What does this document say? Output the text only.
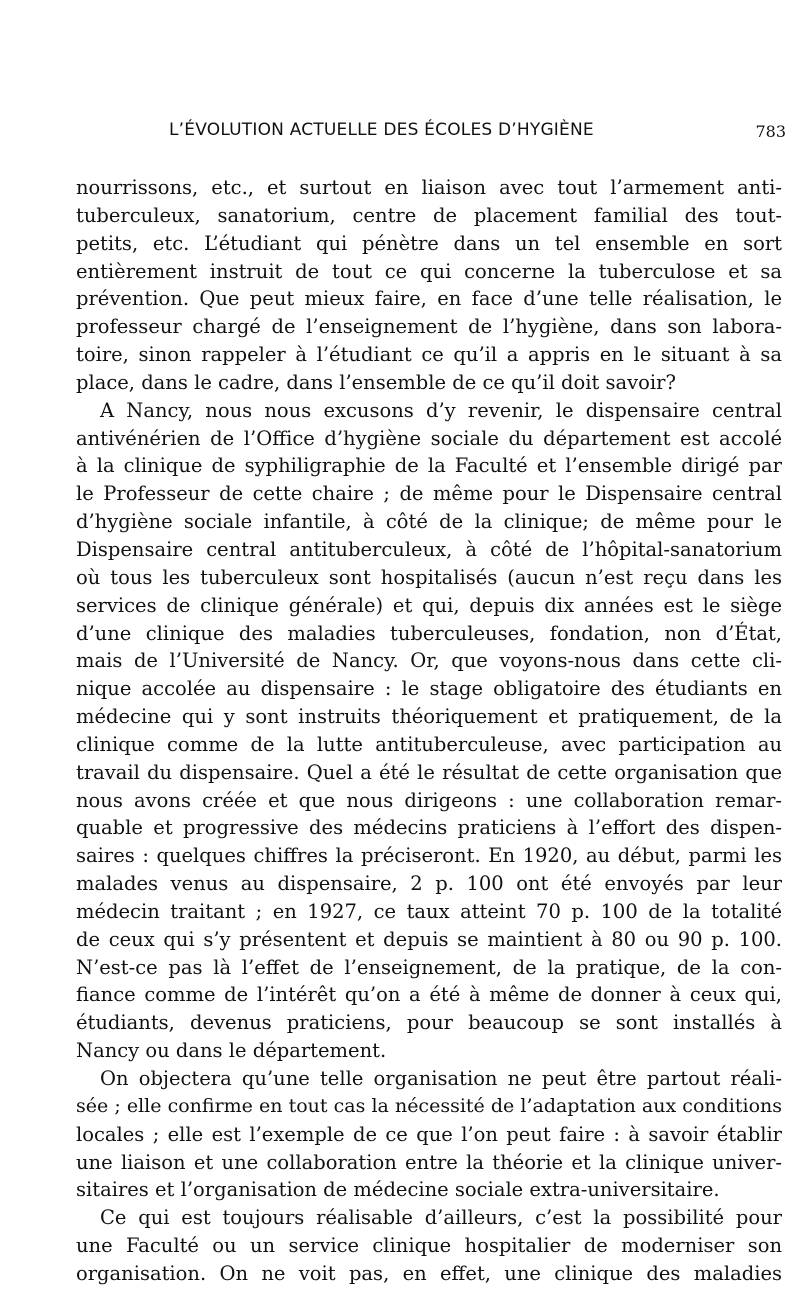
L’ÉVOLUTION ACTUELLE DES ÉCOLES D’HYGIÈNE	783
nourrissons, etc., et surtout en liaison avec tout l’armement anti-
tuberculeux, sanatorium, centre de placement familial des tout-
petits, etc. L’étudiant qui pénètre dans un tel ensemble en sort
entièrement instruit de tout ce qui concerne la tuberculose et sa
prévention. Que peut mieux faire, en face d’une telle réalisation, le
professeur chargé de l’enseignement de l’hygiène, dans son labora-
toire, sinon rappeler à l’étudiant ce qu’il a appris en le situant à sa
place, dans le cadre, dans l’ensemble de ce qu’il doit savoir?
A Nancy, nous nous excusons d’y revenir, le dispensaire central
antivénérien de l’Office d’hygiène sociale du département est accolé
à la clinique de syphiligraphie de la Faculté et l’ensemble dirigé par
le Professeur de cette chaire ; de même pour le Dispensaire central
d’hygiène sociale infantile, à côté de la clinique; de même pour le
Dispensaire central antituberculeux, à côté de l’hôpital-sanatorium
où tous les tuberculeux sont hospitalisés (aucun n’est reçu dans les
services de clinique générale) et qui, depuis dix années est le siège
d’une clinique des maladies tuberculeuses, fondation, non d’État,
mais de l’Université de Nancy. Or, que voyons-nous dans cette cli-
nique accolée au dispensaire : le stage obligatoire des étudiants en
médecine qui y sont instruits théoriquement et pratiquement, de la
clinique comme de la lutte antituberculeuse, avec participation au
travail du dispensaire. Quel a été le résultat de cette organisation que
nous avons créée et que nous dirigeons : une collaboration remar-
quable et progressive des médecins praticiens à l’effort des dispen-
saires : quelques chiffres la préciseront. En 1920, au début, parmi les
malades venus au dispensaire, 2 p. 100 ont été envoyés par leur
médecin traitant ; en 1927, ce taux atteint 70 p. 100 de la totalité
de ceux qui s’y présentent et depuis se maintient à 80 ou 90 p. 100.
N’est-ce pas là l’effet de l’enseignement, de la pratique, de la con-
fiance comme de l’intérêt qu’on a été à même de donner à ceux qui,
étudiants, devenus praticiens, pour beaucoup se sont installés à
Nancy ou dans le département.
On objectera qu’une telle organisation ne peut être partout réali-
sée ; elle confirme en tout cas la nécessité de l’adaptation aux conditions
locales ; elle est l’exemple de ce que l’on peut faire : à savoir établir
une liaison et une collaboration entre la théorie et la clinique univer-
sitaires et l’organisation de médecine sociale extra-universitaire.
Ce qui est toujours réalisable d’ailleurs, c’est la possibilité pour
une Faculté ou un service clinique hospitalier de moderniser son
organisation. On ne voit pas, en effet, une clinique des maladies
